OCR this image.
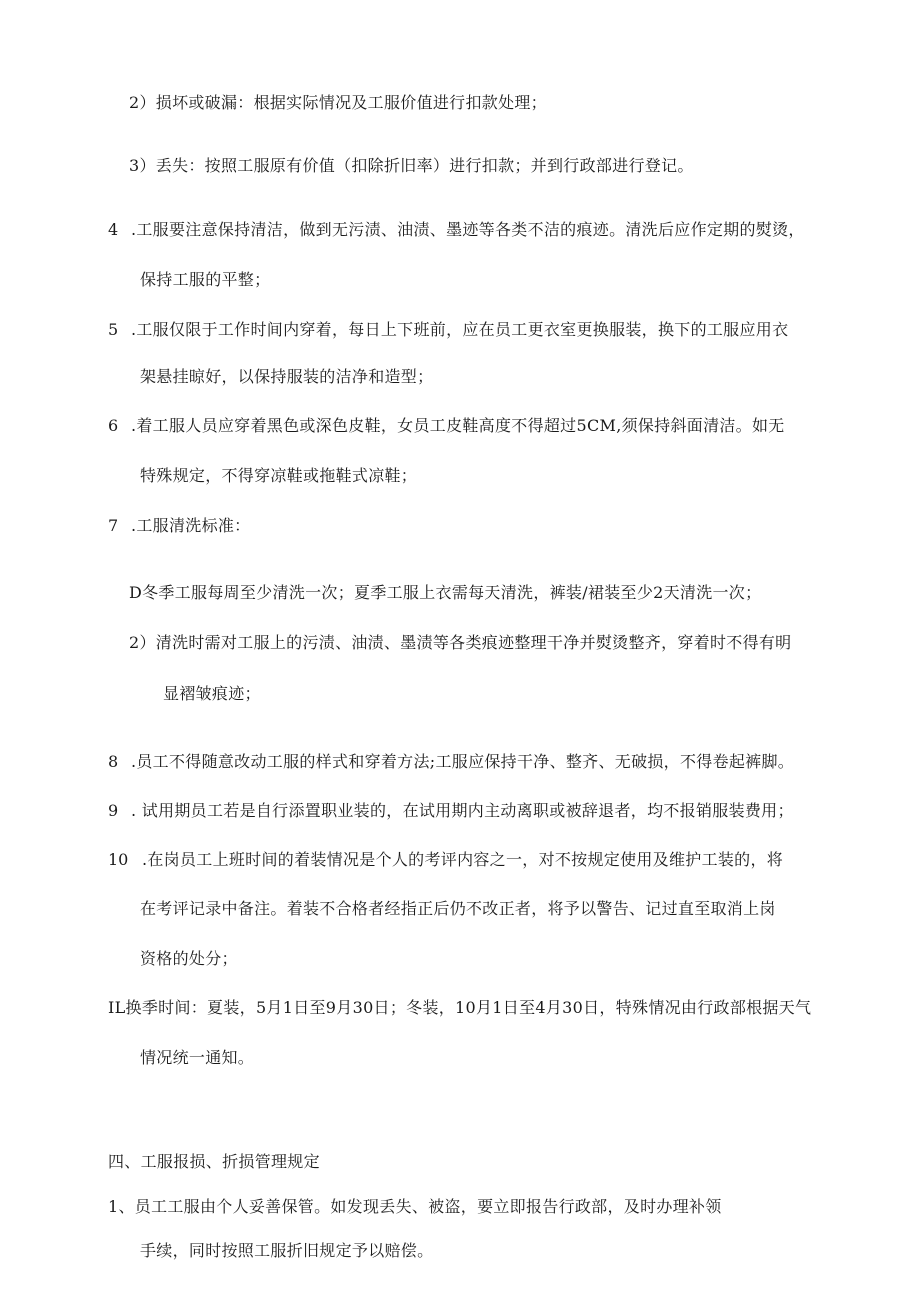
2）损坏或破漏：根据实际情况及工服价值进行扣款处理；
3）丢失：按照工服原有价值（扣除折旧率）进行扣款；并到行政部进行登记。
4 .工服要注意保持清洁，做到无污渍、油渍、墨迹等各类不洁的痕迹。清洗后应作定期的熨烫，
保持工服的平整；
5 .工服仅限于工作时间内穿着，每日上下班前，应在员工更衣室更换服装，换下的工服应用衣
架悬挂晾好，以保持服装的洁净和造型；
6 .着工服人员应穿着黑色或深色皮鞋，女员工皮鞋高度不得超过5CM,须保持斜面清洁。如无
特殊规定，不得穿凉鞋或拖鞋式凉鞋；
7 .工服清洗标准：
D冬季工服每周至少清洗一次；夏季工服上衣需每天清洗，裤装/裙装至少2天清洗一次；
2）清洗时需对工服上的污渍、油渍、墨渍等各类痕迹整理干净并熨烫整齐，穿着时不得有明
显褶皱痕迹；
8 .员工不得随意改动工服的样式和穿着方法;工服应保持干净、整齐、无破损，不得卷起裤脚。
9 . 试用期员工若是自行添置职业装的，在试用期内主动离职或被辞退者，均不报销服装费用；
10 .在岗员工上班时间的着装情况是个人的考评内容之一，对不按规定使用及维护工装的，将
在考评记录中备注。着装不合格者经指正后仍不改正者，将予以警告、记过直至取消上岗
资格的处分；
IL换季时间：夏装，5月1日至9月30日；冬装，10月1日至4月30日，特殊情况由行政部根据天气
情况统一通知。
四、工服报损、折损管理规定
1、员工工服由个人妥善保管。如发现丢失、被盗，要立即报告行政部，及时办理补领
手续，同时按照工服折旧规定予以赔偿。
